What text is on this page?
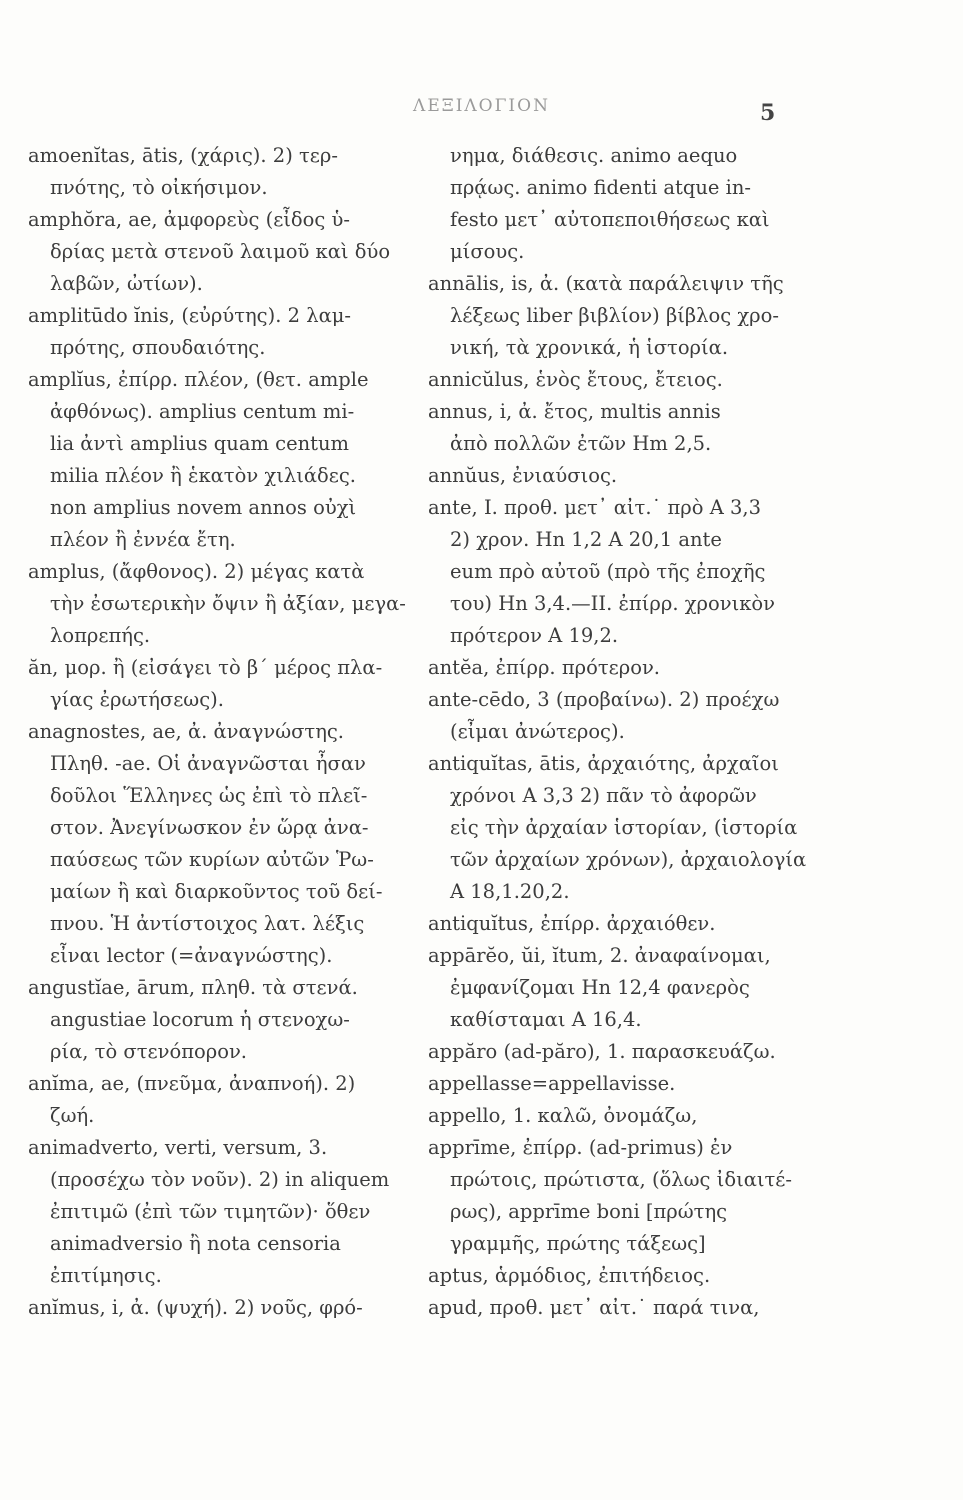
ΛΕΞΙΛΟΓΙΟΝ	5
amoenĭtas, ātis, (χάρις). 2) τερ-
πνότης, τὸ οἰκήσιμον.
amphŏra, ae, ἀμφορεὺς (εἶδος ὑ-
δρίας μετὰ στενοῦ λαιμοῦ καὶ δύο
λαβῶν, ὠτίων).
amplitūdo ĭnis, (εὐρύτης). 2 λαμ-
πρότης, σπουδαιότης.
amplĭus, ἐπίρρ. πλέον, (θετ. ample
ἀφθόνως). amplius centum mi-
lia ἀντὶ amplius quam centum
milia πλέον ἢ ἑκατὸν χιλιάδες.
non amplius novem annos οὐχὶ
πλέον ἢ ἐννέα ἔτη.
amplus, (ἄφθονος). 2) μέγας κατὰ
τὴν ἐσωτερικὴν ὄψιν ἢ ἀξίαν, μεγα-
λοπρεπής.
ăn, μορ. ἢ (εἰσάγει τὸ β΄ μέρος πλα-
γίας ἐρωτήσεως).
anagnostes, ae, ἀ. ἀναγνώστης.
Πληθ. -ae. Οἱ ἀναγνῶσται ἦσαν
δοῦλοι Ἕλληνες ὡς ἐπὶ τὸ πλεῖ-
στον. Ἀνεγίνωσκον ἐν ὥρᾳ ἀνα-
παύσεως τῶν κυρίων αὐτῶν Ῥω-
μαίων ἢ καὶ διαρκοῦντος τοῦ δεί-
πνου. Ἡ ἀντίστοιχος λατ. λέξις
εἶναι lector (=ἀναγνώστης).
angustĭae, ārum, πληθ. τὰ στενά.
angustiae locorum ἡ στενοχω-
ρία, τὸ στενόπορον.
anĭma, ae, (πνεῦμα, ἀναπνοή). 2)
ζωή.
animadverto, verti, versum, 3.
(προσέχω τὸν νοῦν). 2) in aliquem
ἐπιτιμῶ (ἐπὶ τῶν τιμητῶν)· ὅθεν
animadversio ἢ nota censoria
ἐπιτίμησις.
anĭmus, i, ἀ. (ψυχή). 2) νοῦς, φρό-
νημα, διάθεσις. animo aequo
πρᾴως. animo fidenti atque in-
festo μετ᾽ αὐτοπεποιθήσεως καὶ
μίσους.
annālis, is, ἀ. (κατὰ παράλειψιν τῆς
λέξεως liber βιβλίον) βίβλος χρο-
νική, τὰ χρονικά, ἡ ἱστορία.
annicŭlus, ἑνὸς ἔτους, ἔτειος.
annus, i, ἀ. ἔτος, multis annis
ἀπὸ πολλῶν ἐτῶν Hm 2,5.
annŭus, ἐνιαύσιος.
ante, I. προθ. μετ᾽ αἰτ.˙ πρὸ A 3,3
2) χρον. Hn 1,2 A 20,1 ante
eum πρὸ αὐτοῦ (πρὸ τῆς ἐποχῆς
του) Hn 3,4.—II. ἐπίρρ. χρονικὸν
πρότερον A 19,2.
antĕa, ἐπίρρ. πρότερον.
ante-cēdo, 3 (προβαίνω). 2) προέχω
(εἶμαι ἀνώτερος).
antiquĭtas, ātis, ἀρχαιότης, ἀρχαῖοι
χρόνοι A 3,3 2) πᾶν τὸ ἀφορῶν
εἰς τὴν ἀρχαίαν ἱστορίαν, (ἱστορία
τῶν ἀρχαίων χρόνων), ἀρχαιολογία
A 18,1.20,2.
antiquĭtus, ἐπίρρ. ἀρχαιόθεν.
appārĕo, ŭi, ĭtum, 2. ἀναφαίνομαι,
ἐμφανίζομαι Hn 12,4 φανερὸς
καθίσταμαι A 16,4.
appăro (ad-păro), 1. παρασκευάζω.
appellasse=appellavisse.
appello, 1. καλῶ, ὀνομάζω,
apprīme, ἐπίρρ. (ad-primus) ἐν
πρώτοις, πρώτιστα, (ὅλως ἰδιαιτέ-
ρως), apprīme boni [πρώτης
γραμμῆς, πρώτης τάξεως]
aptus, ἁρμόδιος, ἐπιτήδειος.
apud, προθ. μετ᾽ αἰτ.˙ παρά τινα,
